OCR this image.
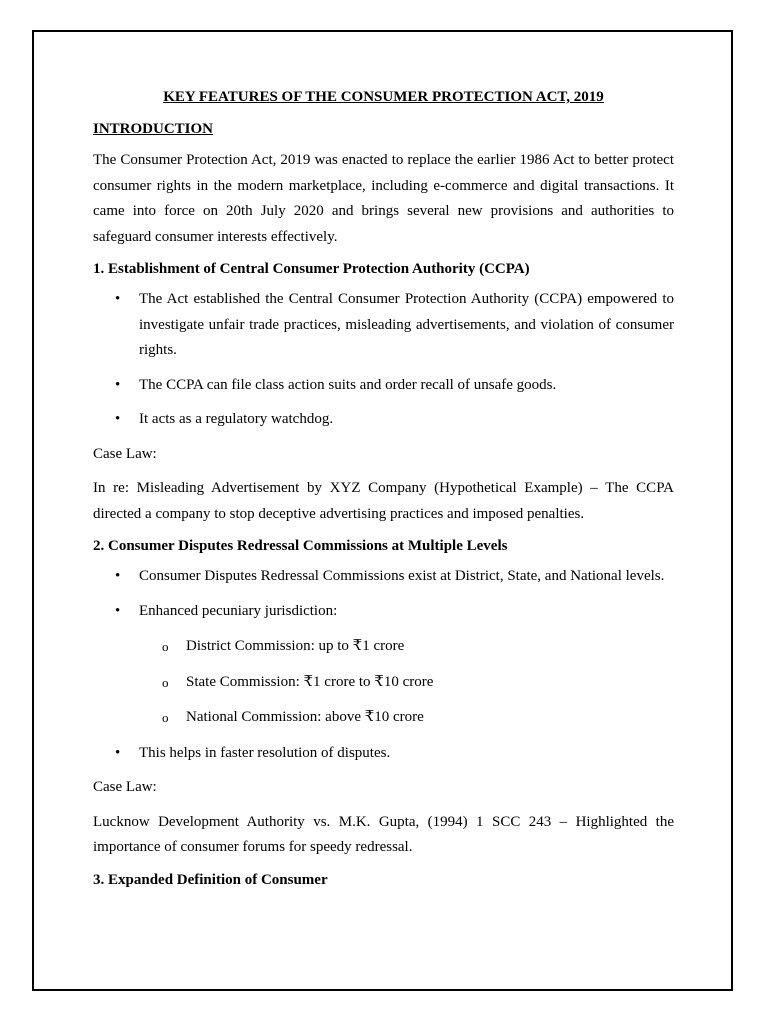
KEY FEATURES OF THE CONSUMER PROTECTION ACT, 2019
INTRODUCTION

The Consumer Protection Act, 2019 was enacted to replace the earlier 1986 Act to better protect consumer rights in the modern marketplace, including e-commerce and digital transactions. It came into force on 20th July 2020 and brings several new provisions and authorities to safeguard consumer interests effectively.

1. Establishment of Central Consumer Protection Authority (CCPA)
• The Act established the Central Consumer Protection Authority (CCPA) empowered to investigate unfair trade practices, misleading advertisements, and violation of consumer rights.
• The CCPA can file class action suits and order recall of unsafe goods.
• It acts as a regulatory watchdog.

Case Law:

In re: Misleading Advertisement by XYZ Company (Hypothetical Example) – The CCPA directed a company to stop deceptive advertising practices and imposed penalties.

2. Consumer Disputes Redressal Commissions at Multiple Levels
• Consumer Disputes Redressal Commissions exist at District, State, and National levels.
• Enhanced pecuniary jurisdiction:
o District Commission: up to ₹1 crore
o State Commission: ₹1 crore to ₹10 crore
o National Commission: above ₹10 crore
• This helps in faster resolution of disputes.

Case Law:

Lucknow Development Authority vs. M.K. Gupta, (1994) 1 SCC 243 – Highlighted the importance of consumer forums for speedy redressal.

3. Expanded Definition of Consumer
